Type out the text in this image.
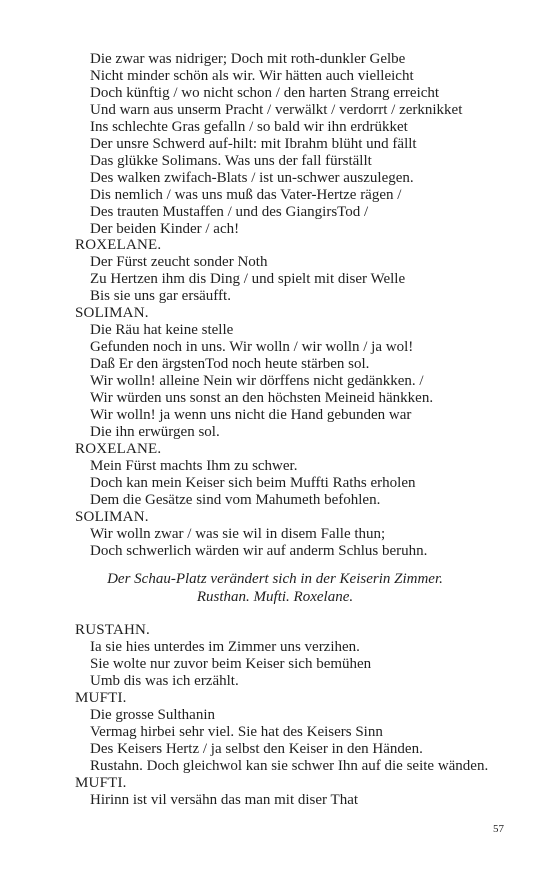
Die zwar was nidriger; Doch mit roth-dunkler Gelbe
Nicht minder schön als wir. Wir hätten auch vielleicht
Doch künftig / wo nicht schon / den harten Strang erreicht
Und warn aus unserm Pracht / verwälkt / verdorrt / zerknikket
Ins schlechte Gras gefalln / so bald wir ihn erdrükket
Der unsre Schwerd auf-hilt: mit Ibrahm blüht und fällt
Das glükke Solimans. Was uns der fall fürställt
Des walken zwifach-Blats / ist un-schwer auszulegen.
Dis nemlich / was uns muß das Vater-Hertze rägen /
Des trauten Mustaffen / und des GiangirsTod /
Der beiden Kinder / ach!
ROXELANE.
Der Fürst zeucht sonder Noth
Zu Hertzen ihm dis Ding / und spielt mit diser Welle
Bis sie uns gar ersäufft.
SOLIMAN.
Die Räu hat keine stelle
Gefunden noch in uns. Wir wolln / wir wolln / ja wol!
Daß Er den ärgstenTod noch heute stärben sol.
Wir wolln! alleine Nein wir dörffens nicht gedänkken. /
Wir würden uns sonst an den höchsten Meineid hänkken.
Wir wolln! ja wenn uns nicht die Hand gebunden war
Die ihn erwürgen sol.
ROXELANE.
Mein Fürst machts Ihm zu schwer.
Doch kan mein Keiser sich beim Muffti Raths erholen
Dem die Gesätze sind vom Mahumeth befohlen.
SOLIMAN.
Wir wolln zwar / was sie wil in disem Falle thun;
Doch schwerlich wärden wir auf anderm Schlus beruhn.
Der Schau-Platz verändert sich in der Keiserin Zimmer.
Rusthan. Mufti. Roxelane.
RUSTAHN.
Ia sie hies unterdes im Zimmer uns verzihen.
Sie wolte nur zuvor beim Keiser sich bemühen
Umb dis was ich erzählt.
MUFTI.
Die grosse Sulthanin
Vermag hirbei sehr viel. Sie hat des Keisers Sinn
Des Keisers Hertz / ja selbst den Keiser in den Händen.
Rustahn. Doch gleichwol kan sie schwer Ihn auf die seite wänden.
MUFTI.
Hirinn ist vil versähn das man mit diser That
57
